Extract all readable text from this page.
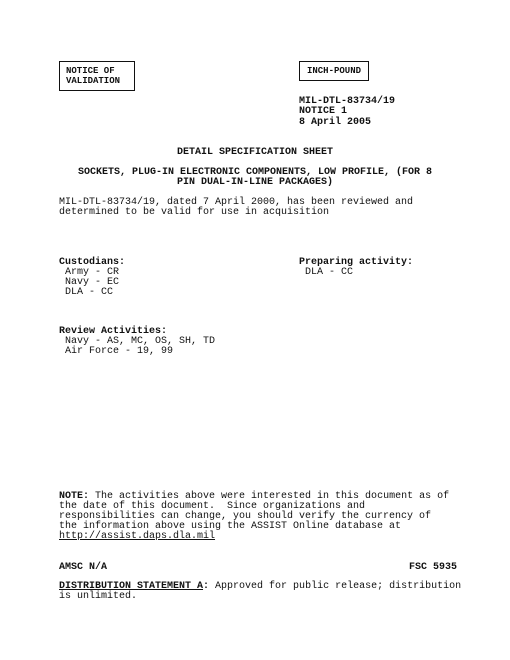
NOTICE OF
VALIDATION
INCH-POUND
MIL-DTL-83734/19
NOTICE 1
8 April 2005
DETAIL SPECIFICATION SHEET
SOCKETS, PLUG-IN ELECTRONIC COMPONENTS, LOW PROFILE, (FOR 8
PIN DUAL-IN-LINE PACKAGES)
MIL-DTL-83734/19, dated 7 April 2000, has been reviewed and
determined to be valid for use in acquisition
Custodians:
Army - CR
Navy - EC
DLA - CC
Preparing activity:
DLA - CC
Review Activities:
Navy - AS, MC, OS, SH, TD
Air Force - 19, 99
NOTE: The activities above were interested in this document as of
the date of this document.  Since organizations and
responsibilities can change, you should verify the currency of
the information above using the ASSIST Online database at
http://assist.daps.dla.mil
AMSC N/A	FSC 5935
DISTRIBUTION STATEMENT A: Approved for public release; distribution
is unlimited.
